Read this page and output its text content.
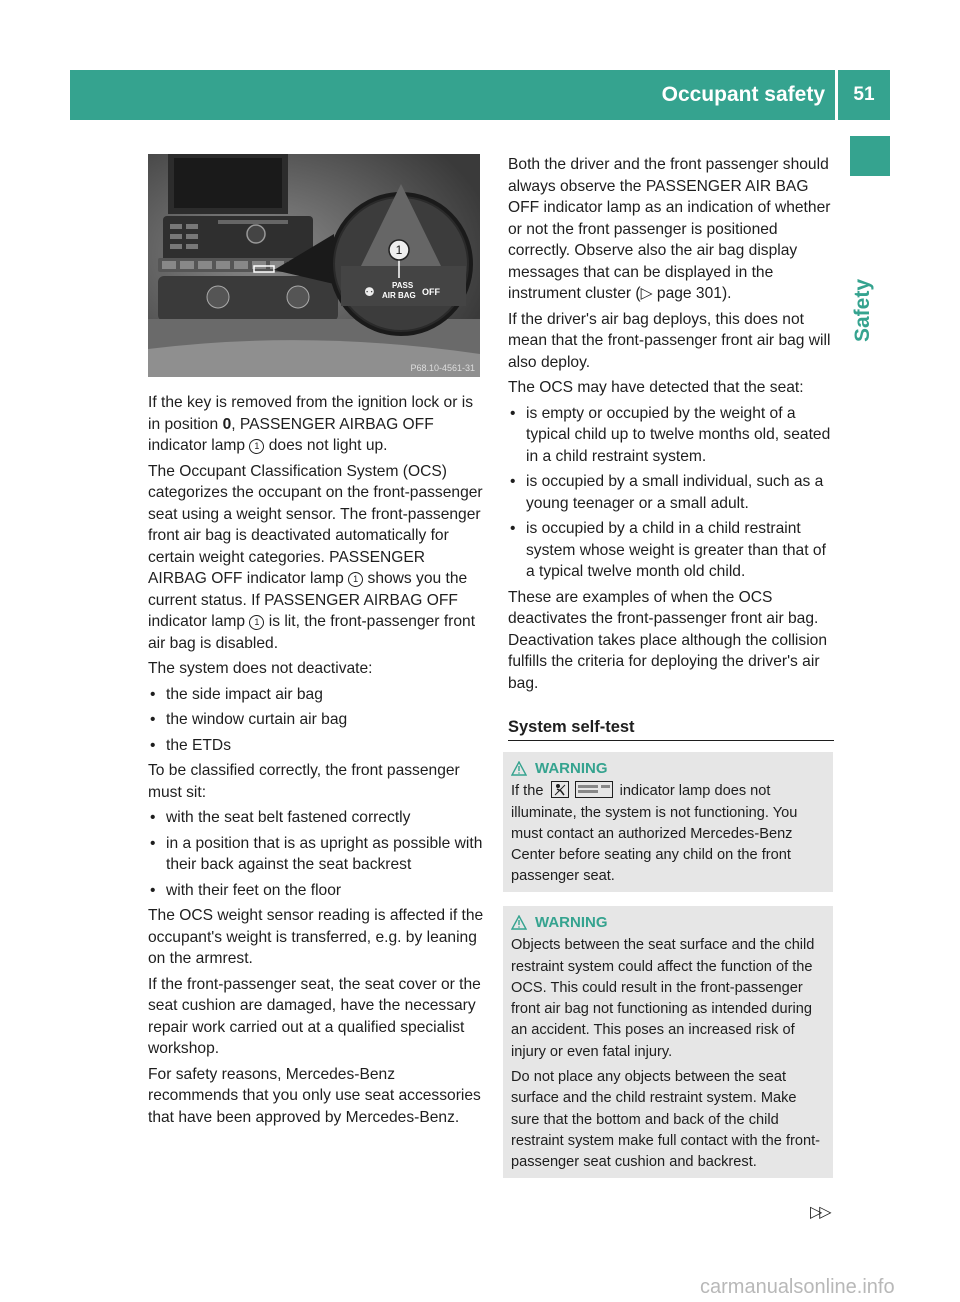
Occupant safety	51
Safety
1
⚉ PASS
AIR BAG OFF
P68.10-4561-31

If the key is removed from the ignition lock or is in position 0, PASSENGER AIRBAG OFF indicator lamp 1 does not light up.

The Occupant Classification System (OCS) categorizes the occupant on the front-passenger seat using a weight sensor. The front-passenger front air bag is deactivated automatically for certain weight categories. PASSENGER AIRBAG OFF indicator lamp 1 shows you the current status. If PASSENGER AIRBAG OFF indicator lamp 1 is lit, the front-passenger front air bag is disabled.

The system does not deactivate:

• the side impact air bag
• the window curtain air bag
• the ETDs

To be classified correctly, the front passenger must sit:

• with the seat belt fastened correctly
• in a position that is as upright as possible with their back against the seat backrest
• with their feet on the floor

The OCS weight sensor reading is affected if the occupant's weight is transferred, e.g. by leaning on the armrest.

If the front-passenger seat, the seat cover or the seat cushion are damaged, have the necessary repair work carried out at a qualified specialist workshop.

For safety reasons, Mercedes-Benz recommends that you only use seat accessories that have been approved by Mercedes-Benz.

Both the driver and the front passenger should always observe the PASSENGER AIR BAG OFF indicator lamp as an indication of whether or not the front passenger is positioned correctly. Observe also the air bag display messages that can be displayed in the instrument cluster (▷ page 301).

If the driver's air bag deploys, this does not mean that the front-passenger front air bag will also deploy.

The OCS may have detected that the seat:

• is empty or occupied by the weight of a typical child up to twelve months old, seated in a child restraint system.
• is occupied by a small individual, such as a young teenager or a small adult.
• is occupied by a child in a child restraint system whose weight is greater than that of a typical twelve month old child.

These are examples of when the OCS deactivates the front-passenger front air bag. Deactivation takes place although the collision fulfills the criteria for deploying the driver's air bag.

System self-test
WARNING

If the	indicator lamp does not illuminate, the system is not functioning. You must contact an authorized Mercedes-Benz Center before seating any child on the front passenger seat.

WARNING

Objects between the seat surface and the child restraint system could affect the function of the OCS. This could result in the front-passenger front air bag not functioning as intended during an accident. This poses an increased risk of injury or even fatal injury.

Do not place any objects between the seat surface and the child restraint system. Make sure that the bottom and back of the child restraint system make full contact with the front-passenger seat cushion and backrest.

▷▷
carmanualsonline.info
